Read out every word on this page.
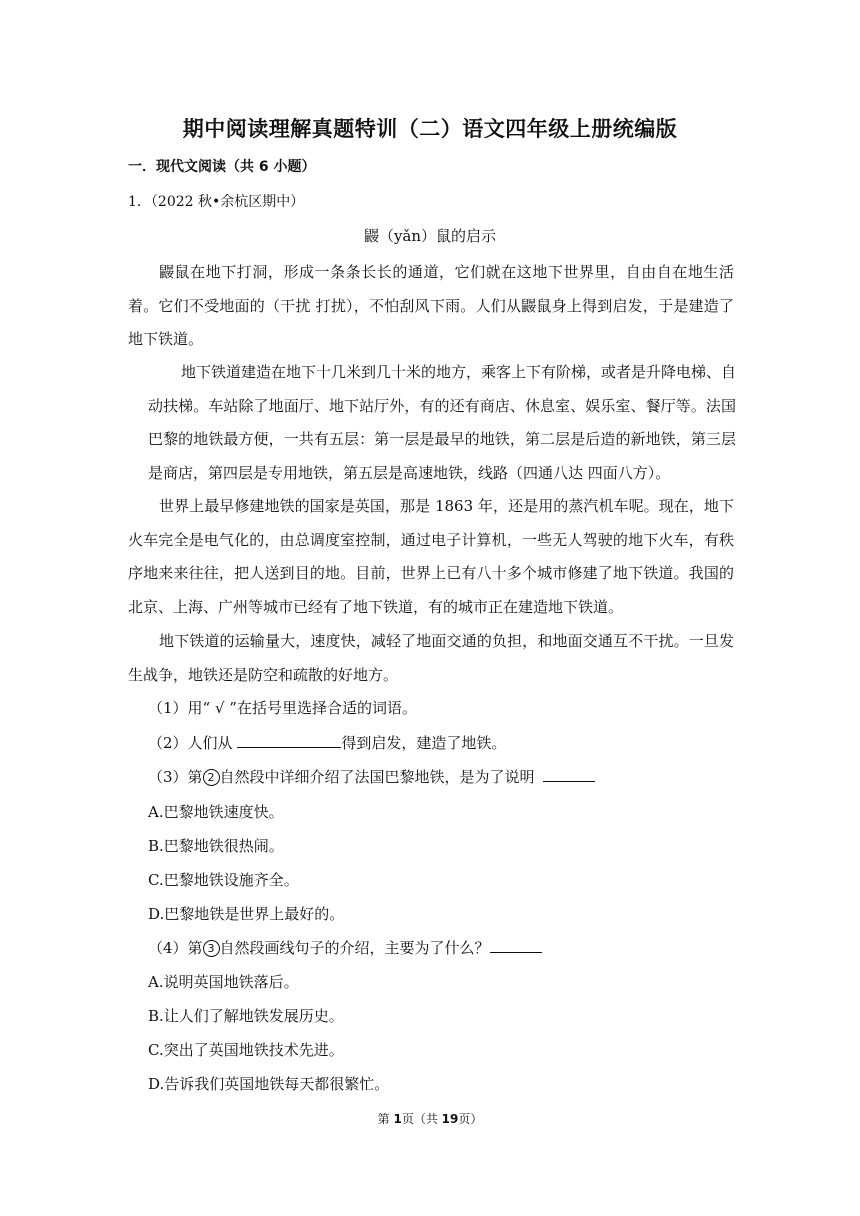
期中阅读理解真题特训（二）语文四年级上册统编版
一．现代文阅读（共 6 小题）
1．（2022 秋•余杭区期中）
鼹（yǎn）鼠的启示
鼹鼠在地下打洞，形成一条条长长的通道，它们就在这地下世界里，自由自在地生活着。它们不受地面的（干扰 打扰），不怕刮风下雨。人们从鼹鼠身上得到启发，于是建造了地下铁道。
地下铁道建造在地下十几米到几十米的地方，乘客上下有阶梯，或者是升降电梯、自动扶梯。车站除了地面厅、地下站厅外，有的还有商店、休息室、娱乐室、餐厅等。法国巴黎的地铁最方便，一共有五层：第一层是最早的地铁，第二层是后造的新地铁，第三层是商店，第四层是专用地铁，第五层是高速地铁，线路（四通八达 四面八方）。
世界上最早修建地铁的国家是英国，那是 1863 年，还是用的蒸汽机车呢。现在，地下火车完全是电气化的，由总调度室控制，通过电子计算机，一些无人驾驶的地下火车，有秩序地来来往往，把人送到目的地。目前，世界上已有八十多个城市修建了地下铁道。我国的北京、上海、广州等城市已经有了地下铁道，有的城市正在建造地下铁道。
地下铁道的运输量大，速度快，减轻了地面交通的负担，和地面交通互不干扰。一旦发生战争，地铁还是防空和疏散的好地方。
（1）用“ √ ”在括号里选择合适的词语。
（2）人们从	得到启发，建造了地铁。
（3）第 2 自然段中详细介绍了法国巴黎地铁，是为了说明
A.巴黎地铁速度快。
B.巴黎地铁很热闹。
C.巴黎地铁设施齐全。
D.巴黎地铁是世界上最好的。
（4）第 3 自然段画线句子的介绍，主要为了什么？
A.说明英国地铁落后。
B.让人们了解地铁发展历史。
C.突出了英国地铁技术先进。
D.告诉我们英国地铁每天都很繁忙。
第 1页（共 19页）
